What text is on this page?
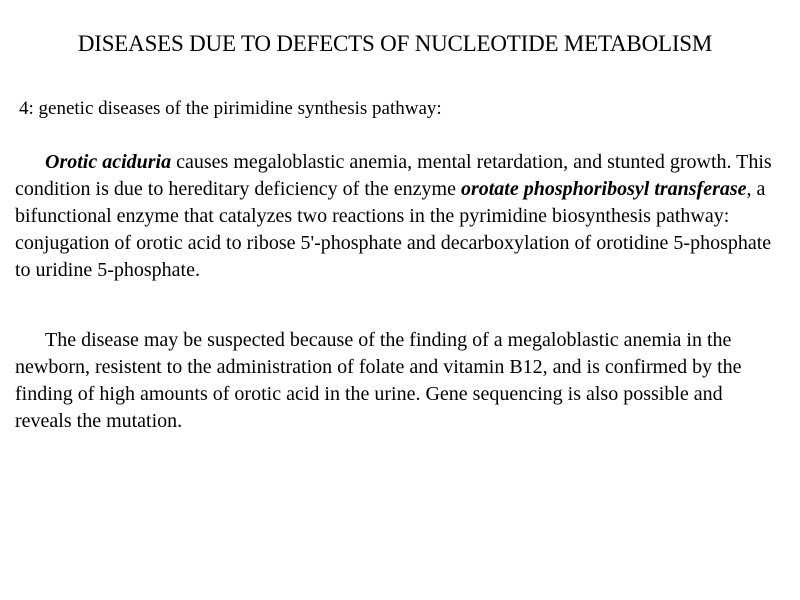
DISEASES DUE TO DEFECTS OF NUCLEOTIDE METABOLISM

4: genetic diseases of the pirimidine synthesis pathway:

Orotic aciduria causes megaloblastic anemia, mental retardation, and stunted growth. This condition is due to hereditary deficiency of the enzyme orotate phosphoribosyl transferase, a bifunctional enzyme that catalyzes two reactions in the pyrimidine biosynthesis pathway: conjugation of orotic acid to ribose 5'-phosphate and decarboxylation of orotidine 5-phosphate to uridine 5-phosphate.

The disease may be suspected because of the finding of a megaloblastic anemia in the newborn, resistent to the administration of folate and vitamin B12, and is confirmed by the finding of high amounts of orotic acid in the urine. Gene sequencing is also possible and reveals the mutation.
